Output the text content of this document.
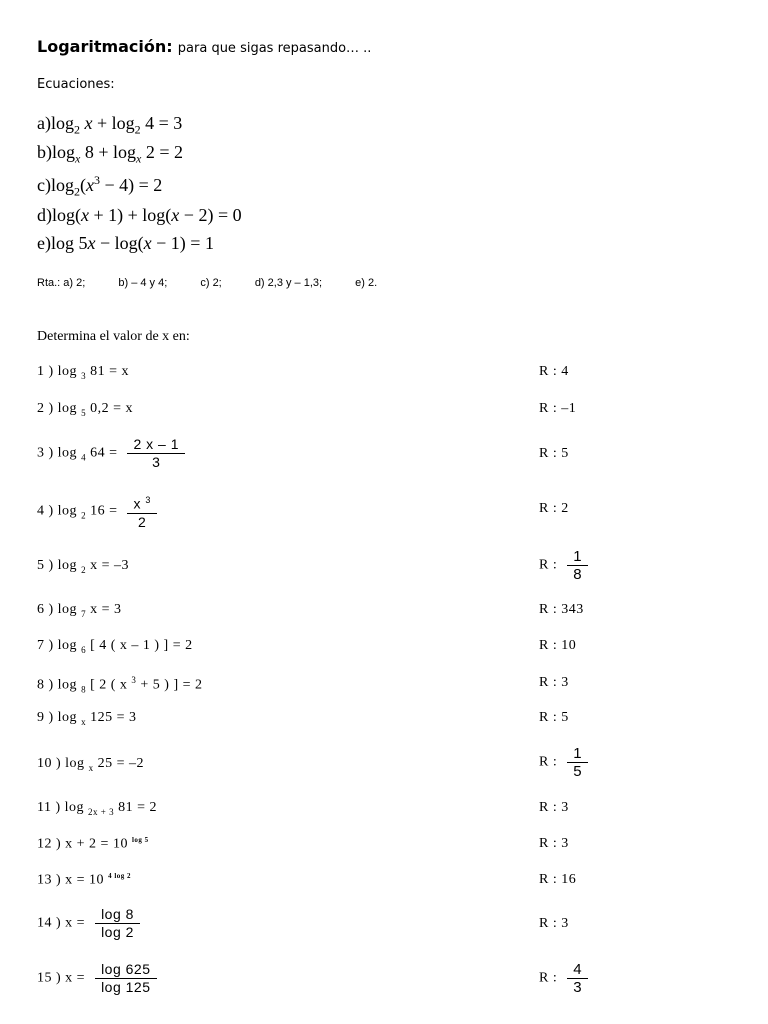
Logaritmación: para que sigas repasando… ..
Ecuaciones:
$a)\log_2$ $x + \log_2 4 = 3$
$b)\log_x$ $8 + \log_x 2 = 2$
$c)\log_2(x^3 - 4) = 2$
d)log(x + 1) + log(x − 2) = 0
e)log 5x − log(x − 1) = 1
Rta.: a) 2;	b) – 4 y 4;	c) 2;	d) 2,3 y – 1,3;	e) 2.
Determina el valor de x en:
1 ) log $_3$ 81 = x	R : 4
2 ) log $_5$ 0,2 = x	R : –1
3 ) log $_4$ $64 = \frac{2 x - 1}{3}$	R : 5
4 ) log $_2$ $16 = \frac{x ^3}{2}$	R : 2
5 ) log $_2$ x = –3	R : $\frac{1}{8}$
6 ) log $_7$ x = 3	R : 343
7 ) log $_6$ [ 4 ( x – 1 ) ] = 2	R : 10
8 ) log $_8$ [ 2 ( x $^3$ + 5 ) ] = 2	R : 3
9 ) log $_x$ 125 = 3	R : 5
10 ) log $_x$ 25 = –2	R : $\frac{1}{5}$
11 ) log $_{2x + 3}$ 81 = 2	R : 3
12 ) x + 2 = 10 $^{log 5}$	R : 3
13 ) x = 10 $^{4 log 2}$	R : 16
14 ) $x = \frac{\log 8}{\log 2}$	R : 3
15 ) $x = \frac{\log 625}{\log 125}$	R : $\frac{4}{3}$
